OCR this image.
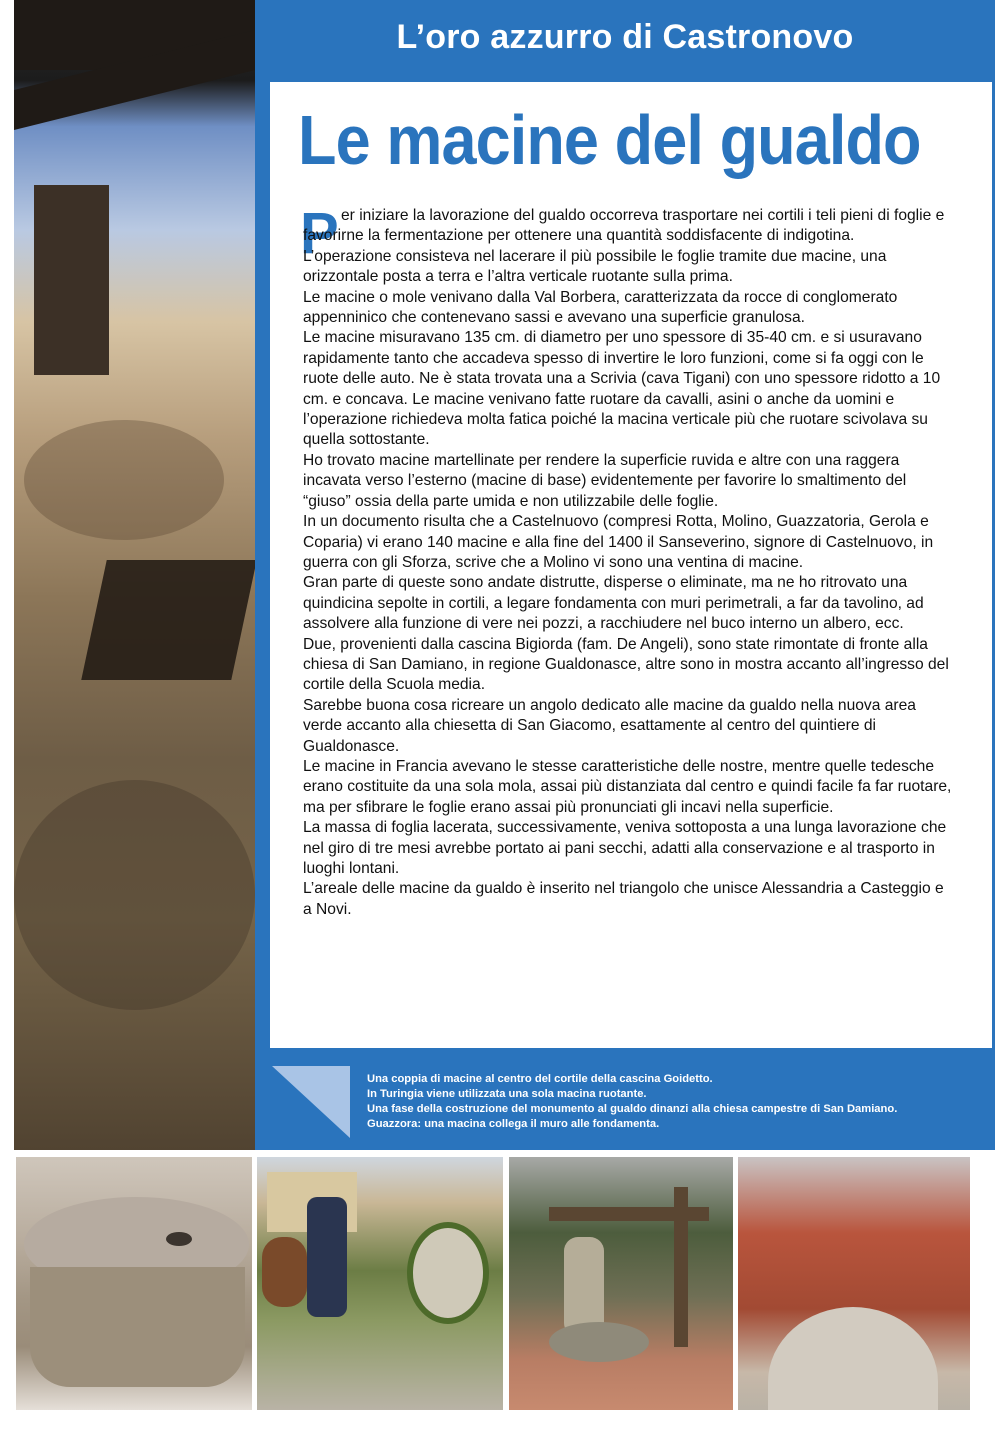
L’oro azzurro di Castronovo
Le macine del gualdo
P er iniziare la lavorazione del gualdo occorreva trasportare nei cortili i teli pieni di foglie e favorirne la fermentazione per ottenere una quantità soddisfacente di indigotina.

L’operazione consisteva nel lacerare il più possibile le foglie tramite due macine, una orizzontale posta a terra e l’altra verticale ruotante sulla prima.

Le macine o mole venivano dalla Val Borbera, caratterizzata da rocce di conglomerato appenninico che contenevano sassi e avevano una superficie granulosa.

Le macine misuravano 135 cm. di diametro per uno spessore di 35-40 cm. e si usuravano rapidamente tanto che accadeva spesso di invertire le loro funzioni, come si fa oggi con le ruote delle auto. Ne è stata trovata una a Scrivia (cava Tigani) con uno spessore ridotto a 10 cm. e concava. Le macine venivano fatte ruotare da cavalli, asini o anche da uomini e l’operazione richiedeva molta fatica poiché la macina verticale più che ruotare scivolava su quella sottostante.

Ho trovato macine martellinate per rendere la superficie ruvida e altre con una raggera incavata verso l’esterno (macine di base) evidentemente per favorire lo smaltimento del “giuso” ossia della parte umida e non utilizzabile delle foglie.

In un documento risulta che a Castelnuovo (compresi Rotta, Molino, Guazzatoria, Gerola e Coparia) vi erano 140 macine e alla fine del 1400 il Sanseverino, signore di Castelnuovo, in guerra con gli Sforza, scrive che a Molino vi sono una ventina di macine.

Gran parte di queste sono andate distrutte, disperse o eliminate, ma ne ho ritrovato una quindicina sepolte in cortili, a legare fondamenta con muri perimetrali, a far da tavolino, ad assolvere alla funzione di vere nei pozzi, a racchiudere nel buco interno un albero, ecc.

Due, provenienti dalla cascina Bigiorda (fam. De Angeli), sono state rimontate di fronte alla chiesa di San Damiano, in regione Gualdonasce, altre sono in mostra accanto all’ingresso del cortile della Scuola media.

Sarebbe buona cosa ricreare un angolo dedicato alle macine da gualdo nella nuova area verde accanto alla chiesetta di San Giacomo, esattamente al centro del quintiere di Gualdonasce.

Le macine in Francia avevano le stesse caratteristiche delle nostre, mentre quelle tedesche erano costituite da una sola mola, assai più distanziata dal centro e quindi facile fa far ruotare, ma per sfibrare le foglie erano assai più pronunciati gli incavi nella superficie.

La massa di foglia lacerata, successivamente, veniva sottoposta a una lunga lavorazione che nel giro di tre mesi avrebbe portato ai pani secchi, adatti alla conservazione e al trasporto in luoghi lontani.

L’areale delle macine da gualdo è inserito nel triangolo che unisce Alessandria a Casteggio e a Novi.

Una coppia di macine al centro del cortile della cascina Goidetto.
In Turingia viene utilizzata una sola macina ruotante.
Una fase della costruzione del monumento al gualdo dinanzi alla chiesa campestre di San Damiano.
Guazzora: una macina collega il muro alle fondamenta.
